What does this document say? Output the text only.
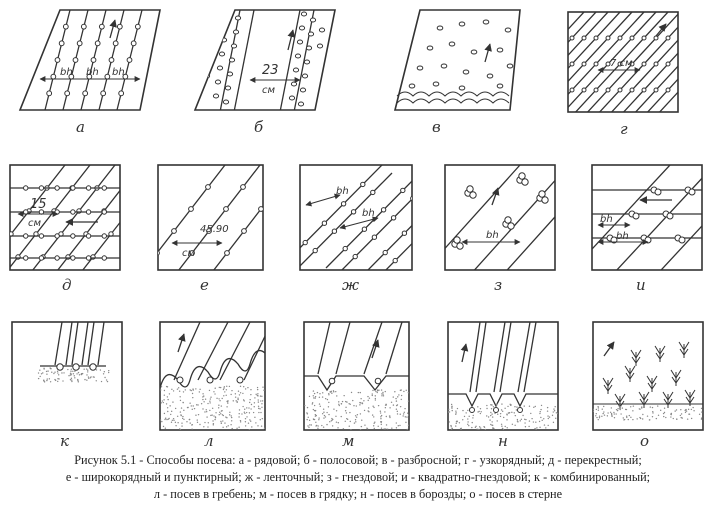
bh bh bh
а
23
см
б	в
7 см
г
15
см
д
45.90
см
е
bh
bh
ж
bh
з
bh
bh
и
к	л	м	н	о
Рисунок 5.1 - Способы посева: а - рядовой; б - полосовой; в - разбросной; г - узкорядный; д - перекрестный;
е - широкорядный и пунктирный; ж - ленточный; з - гнездовой; и - квадратно-гнездовой; к - комбинированный;
л - посев в гребень; м - посев в грядку; н - посев в борозды; о - посев в стерне
